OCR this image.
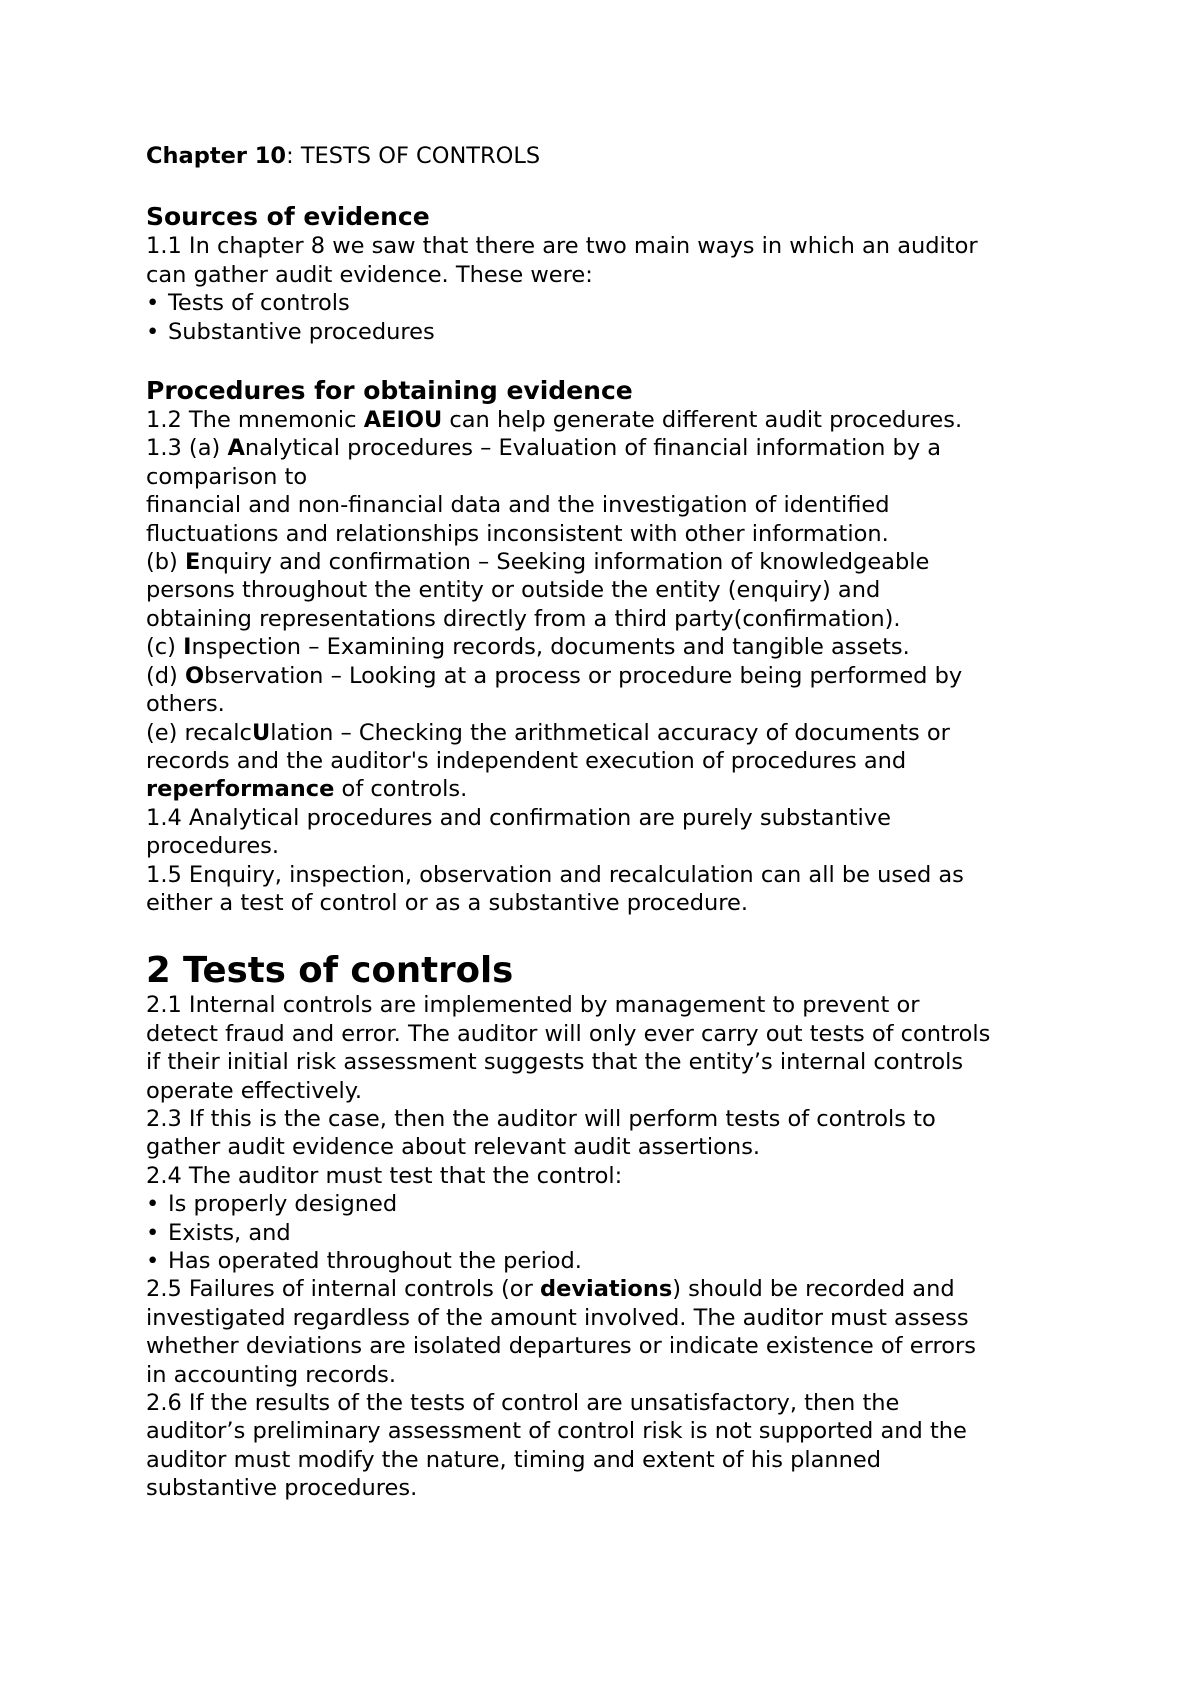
Chapter 10: TESTS OF CONTROLS

Sources of evidence

1.1 In chapter 8 we saw that there are two main ways in which an auditor

can gather audit evidence. These were:

• Tests of controls

• Substantive procedures

Procedures for obtaining evidence

1.2 The mnemonic AEIOU can help generate different audit procedures.

1.3 (a) Analytical procedures – Evaluation of financial information by a

comparison to

financial and non-financial data and the investigation of identified

fluctuations and relationships inconsistent with other information.

(b) Enquiry and confirmation – Seeking information of knowledgeable

persons throughout the entity or outside the entity (enquiry) and

obtaining representations directly from a third party(confirmation).

(c) Inspection – Examining records, documents and tangible assets.

(d) Observation – Looking at a process or procedure being performed by

others.

(e) recalcUlation – Checking the arithmetical accuracy of documents or

records and the auditor's independent execution of procedures and

reperformance of controls.

1.4 Analytical procedures and confirmation are purely substantive

procedures.

1.5 Enquiry, inspection, observation and recalculation can all be used as

either a test of control or as a substantive procedure.

2 Tests of controls

2.1 Internal controls are implemented by management to prevent or

detect fraud and error. The auditor will only ever carry out tests of controls

if their initial risk assessment suggests that the entity’s internal controls

operate effectively.

2.3 If this is the case, then the auditor will perform tests of controls to

gather audit evidence about relevant audit assertions.

2.4 The auditor must test that the control:

• Is properly designed

• Exists, and

• Has operated throughout the period.

2.5 Failures of internal controls (or deviations) should be recorded and

investigated regardless of the amount involved. The auditor must assess

whether deviations are isolated departures or indicate existence of errors

in accounting records.

2.6 If the results of the tests of control are unsatisfactory, then the

auditor’s preliminary assessment of control risk is not supported and the

auditor must modify the nature, timing and extent of his planned

substantive procedures.
